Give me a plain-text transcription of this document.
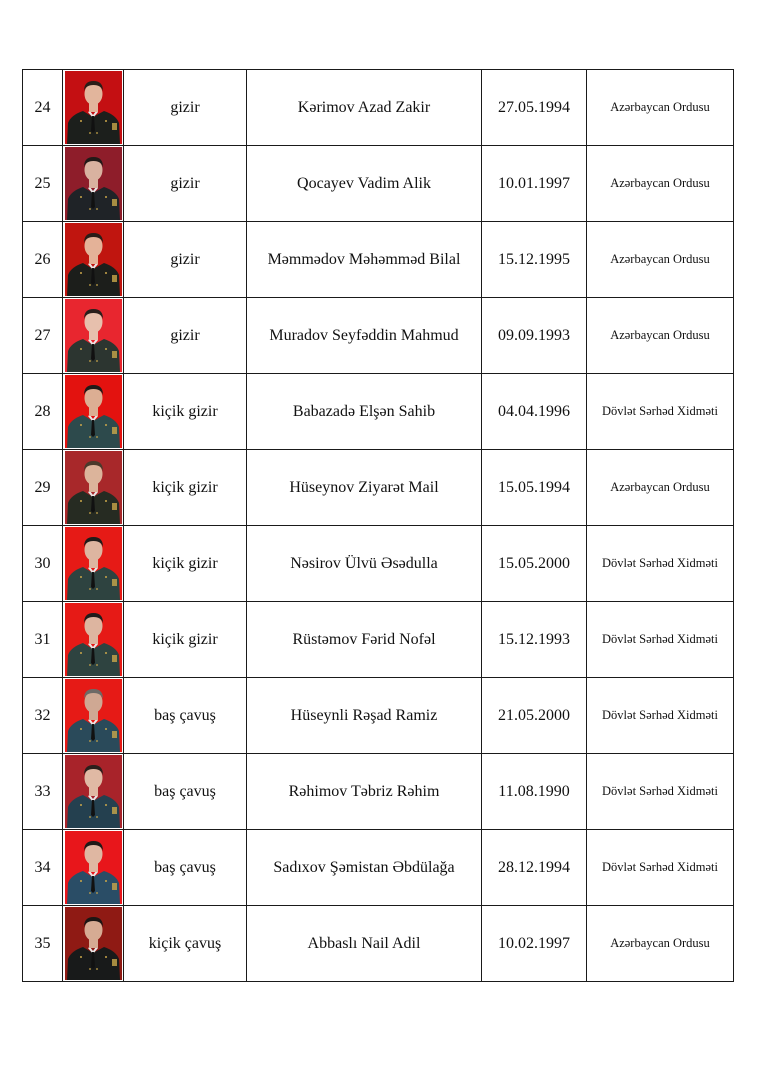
24		gizir	Kərimov Azad Zakir	27.05.1994	Azərbaycan Ordusu
25		gizir	Qocayev Vadim Alik	10.01.1997	Azərbaycan Ordusu
26		gizir	Məmmədov Məhəmməd Bilal	15.12.1995	Azərbaycan Ordusu
27		gizir	Muradov Seyfəddin Mahmud	09.09.1993	Azərbaycan Ordusu
28		kiçik gizir	Babazadə Elşən Sahib	04.04.1996	Dövlət Sərhəd Xidməti
29		kiçik gizir	Hüseynov Ziyarət Mail	15.05.1994	Azərbaycan Ordusu
30		kiçik gizir	Nəsirov Ülvü Əsədulla	15.05.2000	Dövlət Sərhəd Xidməti
31		kiçik gizir	Rüstəmov Fərid Nofəl	15.12.1993	Dövlət Sərhəd Xidməti
32		baş çavuş	Hüseynli Rəşad Ramiz	21.05.2000	Dövlət Sərhəd Xidməti
33		baş çavuş	Rəhimov Təbriz Rəhim	11.08.1990	Dövlət Sərhəd Xidməti
34		baş çavuş	Sadıxov Şəmistan Əbdülağa	28.12.1994	Dövlət Sərhəd Xidməti
35		kiçik çavuş	Abbaslı Nail Adil	10.02.1997	Azərbaycan Ordusu
